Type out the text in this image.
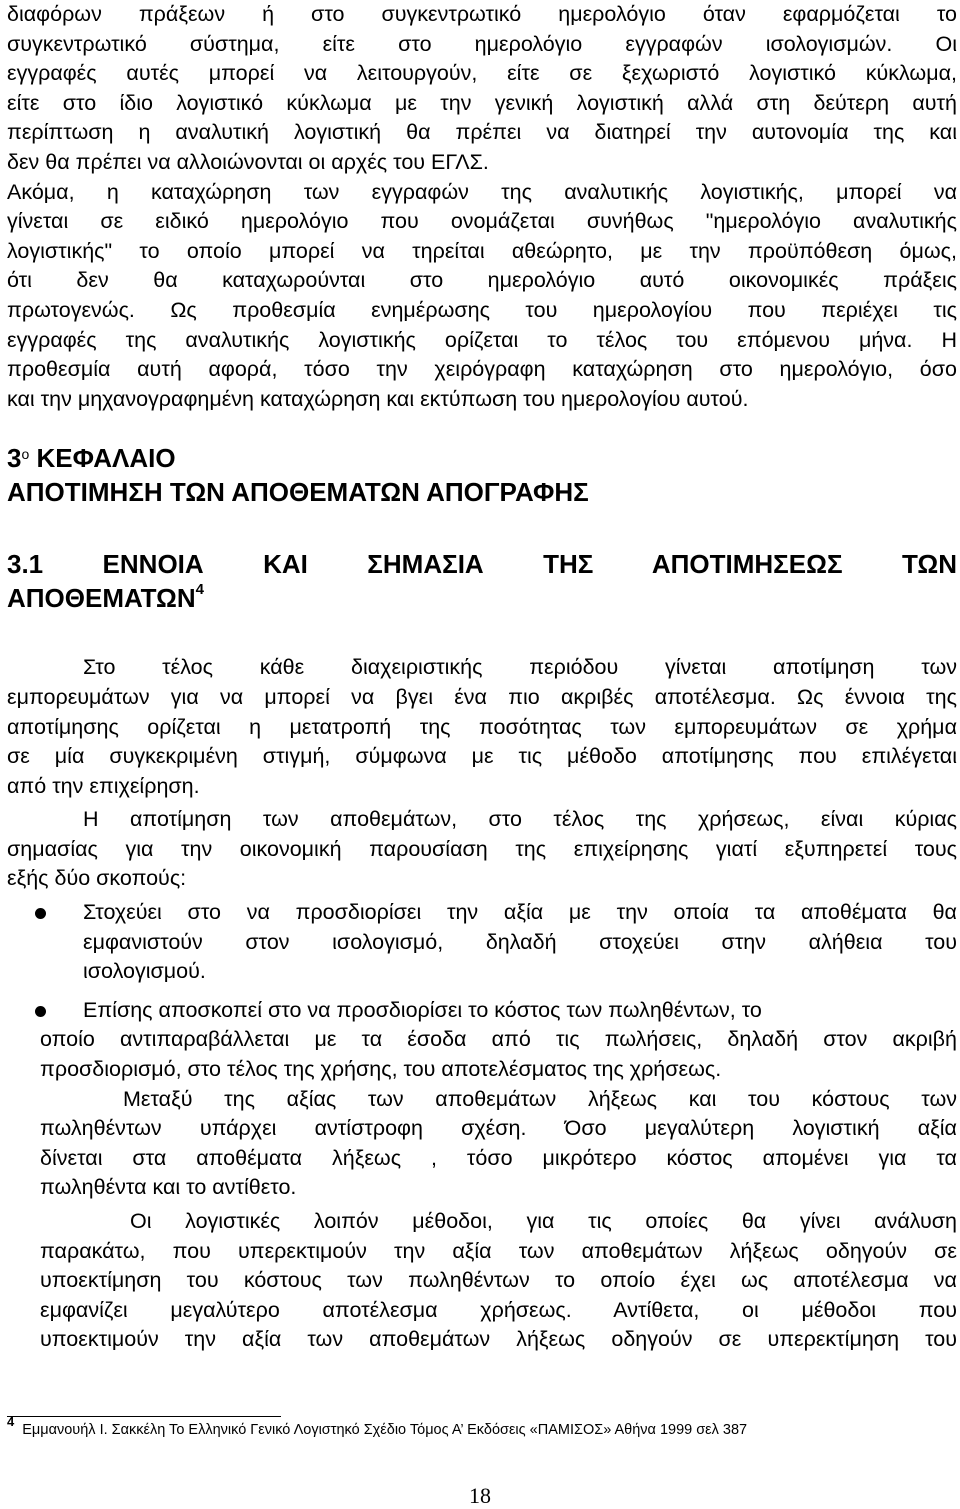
διαφόρων πράξεων ή στο συγκεντρωτικό ημερολόγιο όταν εφαρμόζεται το
συγκεντρωτικό σύστημα, είτε στο ημερολόγιο εγγραφών ισολογισμών. Οι
εγγραφές αυτές μπορεί να λειτουργούν, είτε σε ξεχωριστό λογιστικό κύκλωμα,
είτε στο ίδιο λογιστικό κύκλωμα με την γενική λογιστική αλλά στη δεύτερη αυτή
περίπτωση η αναλυτική λογιστική θα πρέπει να διατηρεί την αυτονομία της και
δεν θα πρέπει να αλλοιώνονται οι αρχές του ΕΓΛΣ.
Ακόμα, η καταχώρηση των εγγραφών της αναλυτικής λογιστικής, μπορεί να
γίνεται σε ειδικό ημερολόγιο που ονομάζεται συνήθως "ημερολόγιο αναλυτικής
λογιστικής" το οποίο μπορεί να τηρείται αθεώρητο, με την προϋπόθεση όμως,
ότι δεν θα καταχωρούνται στο ημερολόγιο αυτό οικονομικές πράξεις
πρωτογενώς. Ως προθεσμία ενημέρωσης του ημερολογίου που περιέχει τις
εγγραφές της αναλυτικής λογιστικής ορίζεται το τέλος του επόμενου μήνα. Η
προθεσμία αυτή αφορά, τόσο την χειρόγραφη καταχώρηση στο ημερολόγιο, όσο
και την μηχανογραφημένη καταχώρηση και εκτύπωση του ημερολογίου αυτού.
$3^o$ ΚΕΦΑΛΑΙΟ
ΑΠΟΤΙΜΗΣΗ ΤΩΝ ΑΠΟΘΕΜΑΤΩΝ ΑΠΟΓΡΑΦΗΣ
3.1 ΕΝΝΟΙΑ ΚΑΙ ΣΗΜΑΣΙΑ ΤΗΣ ΑΠΟΤΙΜΗΣΕΩΣ ΤΩΝ
ΑΠΟΘΕΜΑΤΩΝ$^4$
Στο τέλος κάθε διαχειριστικής περιόδου γίνεται αποτίμηση των
εμπορευμάτων για να μπορεί να βγει ένα πιο ακριβές αποτέλεσμα. Ως έννοια της
αποτίμησης ορίζεται η μετατροπή της ποσότητας των εμπορευμάτων σε χρήμα
σε μία συγκεκριμένη στιγμή, σύμφωνα με τις μέθοδο αποτίμησης που επιλέγεται
από την επιχείρηση.
Η αποτίμηση των αποθεμάτων, στο τέλος της χρήσεως, είναι κύριας
σημασίας για την οικονομική παρουσίαση της επιχείρησης γιατί εξυπηρετεί τους
εξής δύο σκοπούς:
Στοχεύει στο να προσδιορίσει την αξία με την οποία τα αποθέματα θα
εμφανιστούν στον ισολογισμό, δηλαδή στοχεύει στην αλήθεια του
ισολογισμού.
Επίσης αποσκοπεί στο να προσδιορίσει το κόστος των πωληθέντων, το
οποίο αντιπαραβάλλεται με τα έσοδα από τις πωλήσεις, δηλαδή στον ακριβή
προσδιορισμό, στο τέλος της χρήσης, του αποτελέσματος της χρήσεως.
Μεταξύ της αξίας των αποθεμάτων λήξεως και του κόστους των
πωληθέντων υπάρχει αντίστροφη σχέση. Όσο μεγαλύτερη λογιστική αξία
δίνεται στα αποθέματα λήξεως , τόσο μικρότερο κόστος απομένει για τα
πωληθέντα και το αντίθετο.
Οι λογιστικές λοιπόν μέθοδοι, για τις οποίες θα γίνει ανάλυση
παρακάτω, που υπερεκτιμούν την αξία των αποθεμάτων λήξεως οδηγούν σε
υποεκτίμηση του κόστους των πωληθέντων το οποίο έχει ως αποτέλεσμα να
εμφανίζει μεγαλύτερο αποτέλεσμα χρήσεως. Αντίθετα, οι μέθοδοι που
υποεκτιμούν την αξία των αποθεμάτων λήξεως οδηγούν σε υπερεκτίμηση του
$^4$Εμμανουήλ Ι. Σακκέλη Το Ελληνικό Γενικό Λογιστηκό Σχέδιο Τόμος Α’ Εκδόσεις «ΠΑΜΙΣΟΣ» Αθήνα 1999 σελ 387
18
